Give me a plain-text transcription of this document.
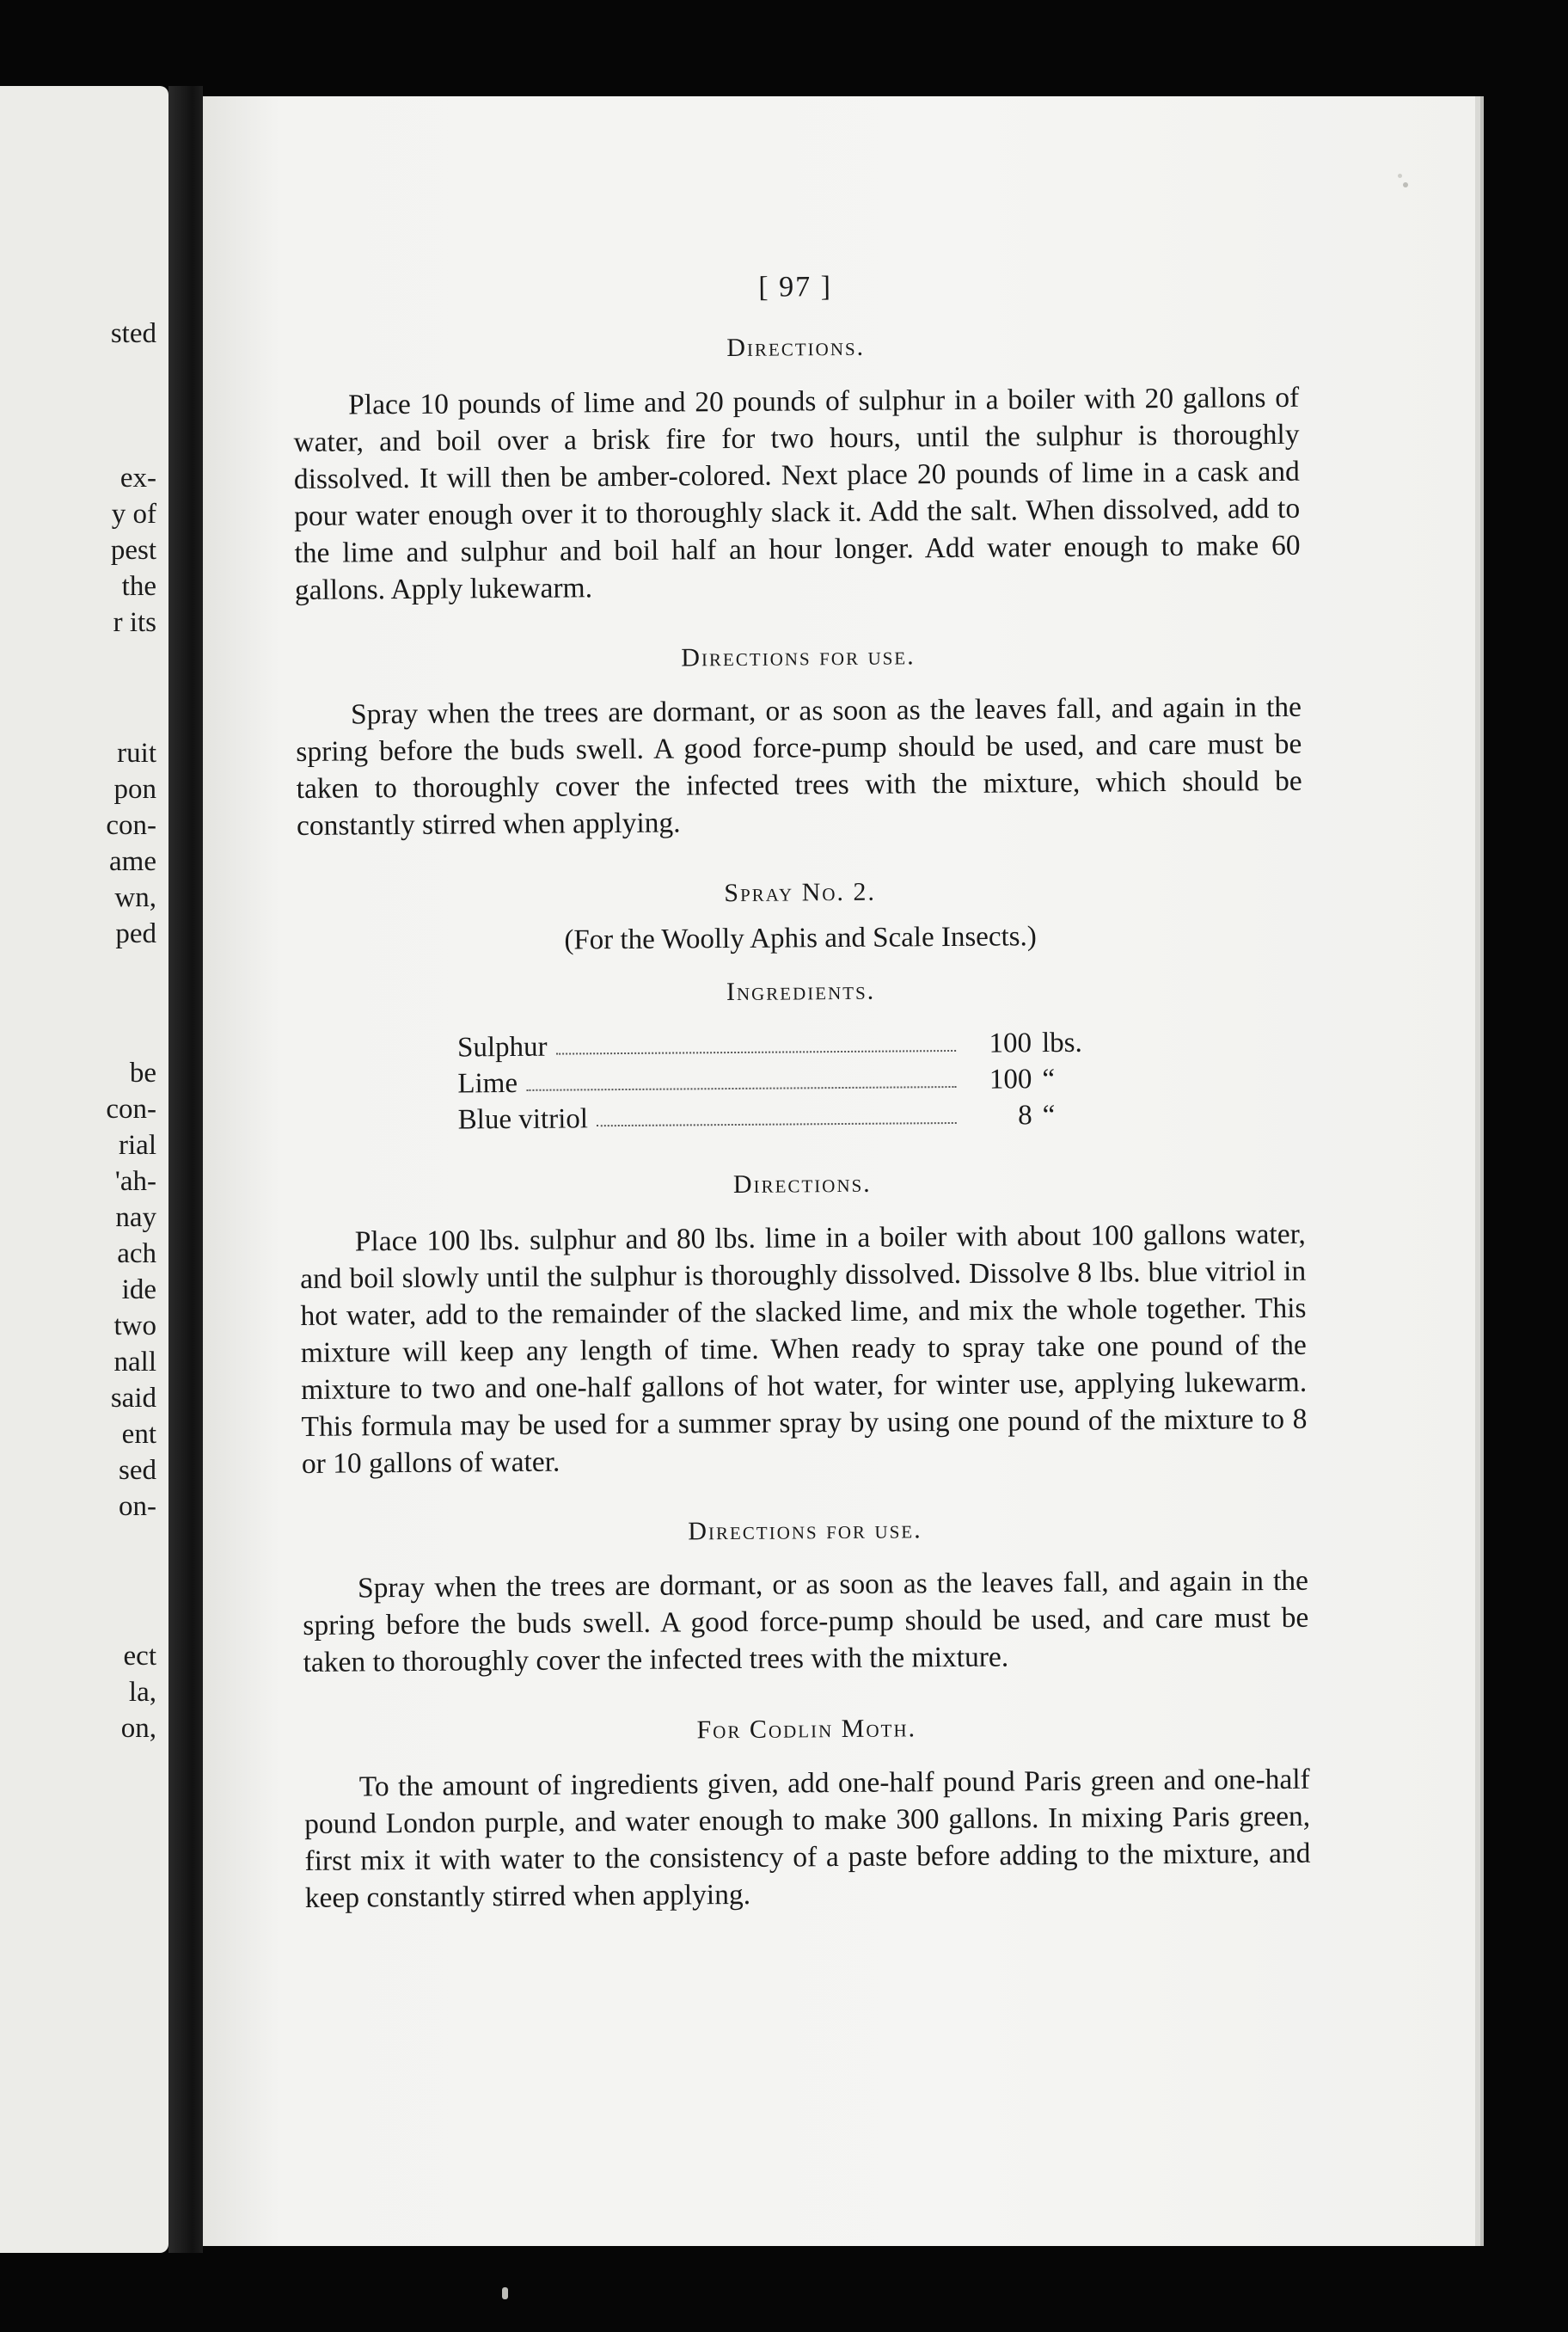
sted
ex-
y of
pest
the
r its
ruit
pon
con-
ame
wn,
ped
be
con-
rial
'ah-
nay
ach
ide
two
nall
said
ent
sed
on-
ect
la,
on,
[ 97 ]
Directions.
Place 10 pounds of lime and 20 pounds of sulphur in a boiler with 20 gallons of water, and boil over a brisk fire for two hours, until the sulphur is thoroughly dissolved. It will then be amber-colored. Next place 20 pounds of lime in a cask and pour water enough over it to thoroughly slack it. Add the salt. When dissolved, add to the lime and sulphur and boil half an hour longer. Add water enough to make 60 gallons. Apply lukewarm.
Directions for use.
Spray when the trees are dormant, or as soon as the leaves fall, and again in the spring before the buds swell. A good force-pump should be used, and care must be taken to thoroughly cover the infected trees with the mixture, which should be constantly stirred when applying.
Spray No. 2.
(For the Woolly Aphis and Scale Insects.)
Ingredients.
Sulphur	100 lbs.
Lime	100 “
Blue vitriol	8 “
Directions.
Place 100 lbs. sulphur and 80 lbs. lime in a boiler with about 100 gallons water, and boil slowly until the sulphur is thoroughly dissolved. Dissolve 8 lbs. blue vitriol in hot water, add to the remainder of the slacked lime, and mix the whole together. This mixture will keep any length of time. When ready to spray take one pound of the mixture to two and one-half gallons of hot water, for winter use, applying lukewarm. This formula may be used for a summer spray by using one pound of the mixture to 8 or 10 gallons of water.
Directions for use.
Spray when the trees are dormant, or as soon as the leaves fall, and again in the spring before the buds swell. A good force-pump should be used, and care must be taken to thoroughly cover the infected trees with the mixture.
For Codlin Moth.
To the amount of ingredients given, add one-half pound Paris green and one-half pound London purple, and water enough to make 300 gallons. In mixing Paris green, first mix it with water to the consistency of a paste before adding to the mixture, and keep constantly stirred when applying.
